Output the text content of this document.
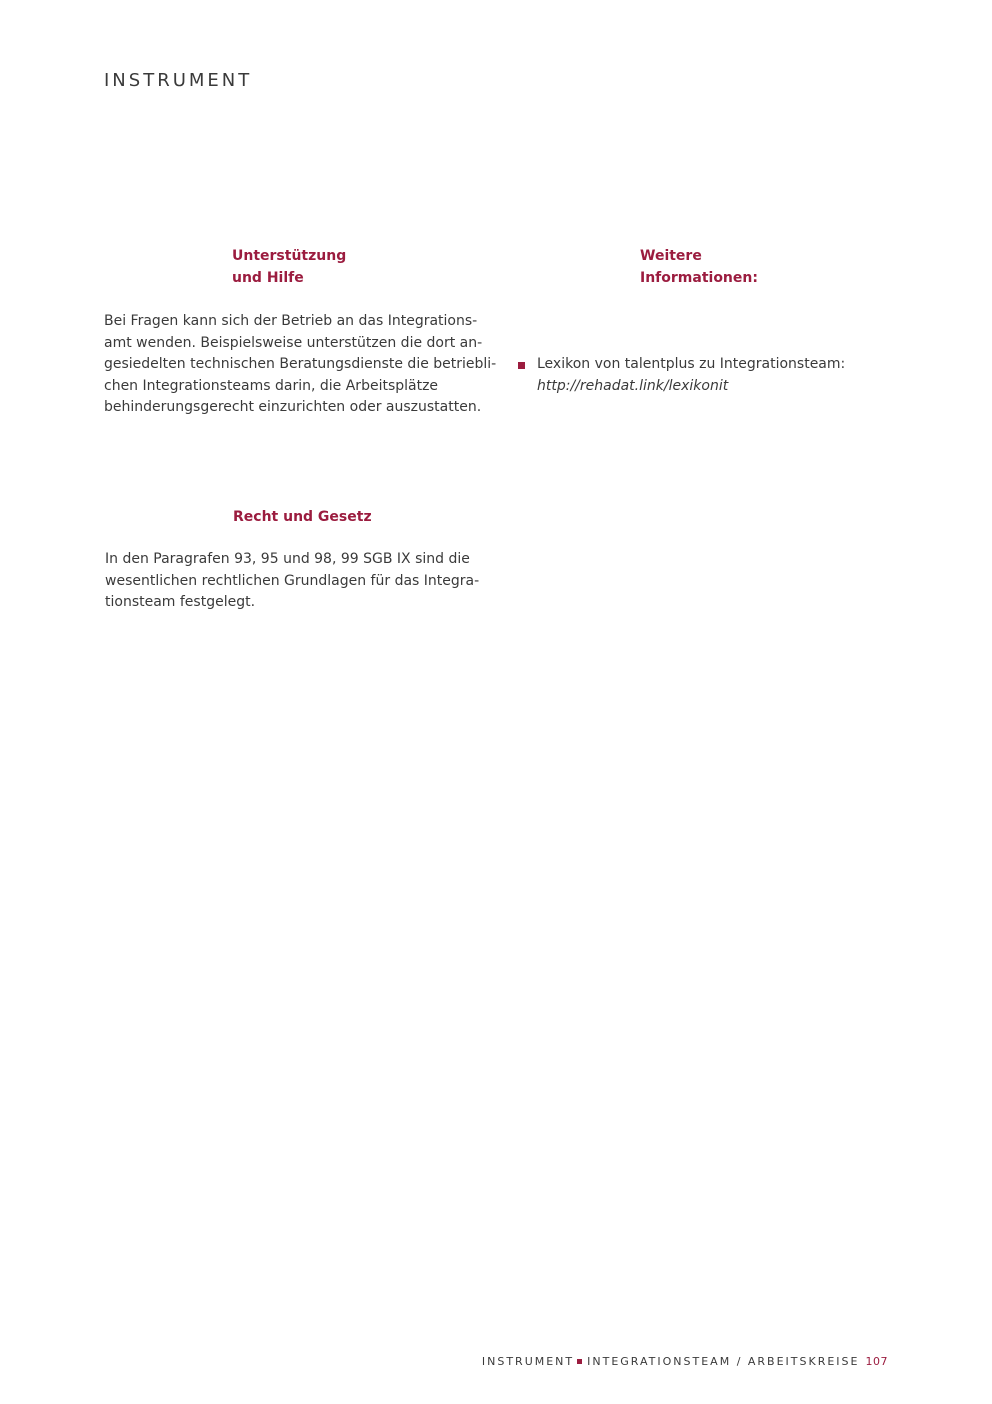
INSTRUMENT
Unterstützung
und Hilfe
Bei Fragen kann sich der Betrieb an das Integrations-
amt wenden. Beispielsweise unterstützen die dort an-
gesiedelten technischen Beratungsdienste die betriebli-
chen Integrationsteams darin, die Arbeitsplätze
behinderungsgerecht einzurichten oder auszustatten.
Recht und Gesetz
In den Paragrafen 93, 95 und 98, 99 SGB IX sind die
wesentlichen rechtlichen Grundlagen für das Integra-
tionsteam festgelegt.
Weitere
Informationen:
Lexikon von talentplus zu Integrationsteam:
http://rehadat.link/lexikonit
INSTRUMENT INTEGRATIONSTEAM / ARBEITSKREISE 107
